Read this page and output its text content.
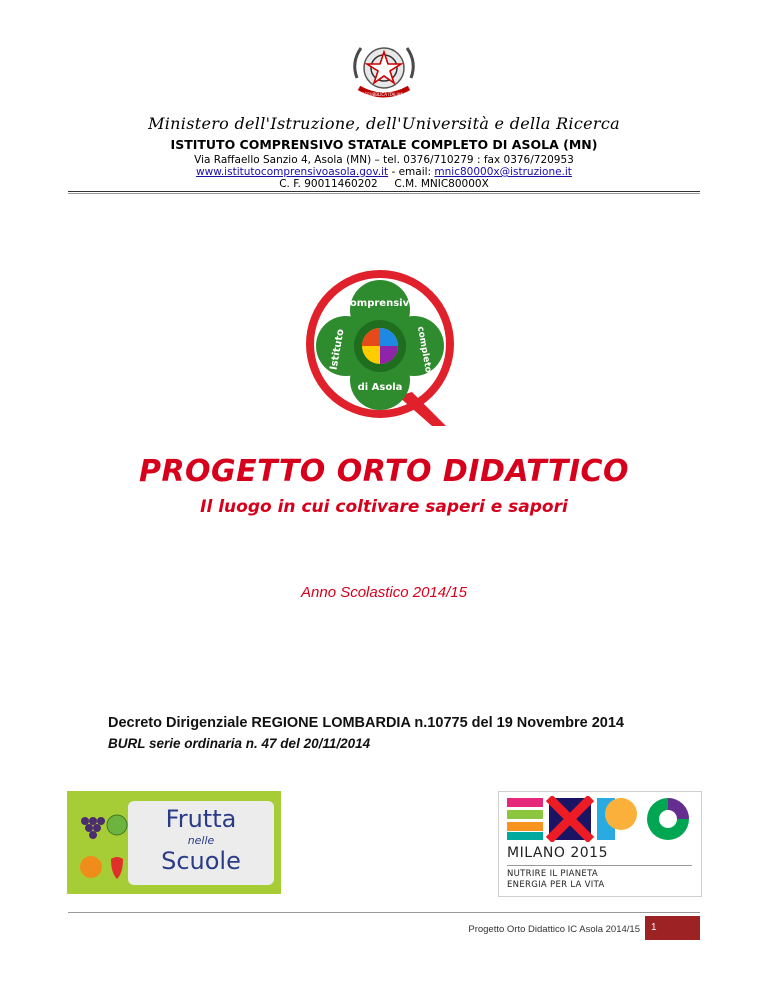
REPUBBLICA ITALIANA
Ministero dell'Istruzione, dell'Università e della Ricerca
ISTITUTO COMPRENSIVO STATALE COMPLETO DI ASOLA (MN)
Via Raffaello Sanzio 4, Asola (MN) – tel. 0376/710279 : fax 0376/720953
www.istitutocomprensivoasola.gov.it - email: mnic80000x@istruzione.it
C. F. 90011460202     C.M. MNIC80000X
comprensivo
Istituto	completo
di Asola
PROGETTO ORTO DIDATTICO
Il luogo in cui coltivare saperi e sapori
Anno Scolastico 2014/15
Decreto Dirigenziale REGIONE LOMBARDIA n.10775 del 19 Novembre 2014
BURL serie ordinaria n. 47 del 20/11/2014
Frutta
nelle
Scuole	MILANO 2015
NUTRIRE IL PIANETA
ENERGIA PER LA VITA
Progetto Orto Didattico IC Asola 2014/15	1
